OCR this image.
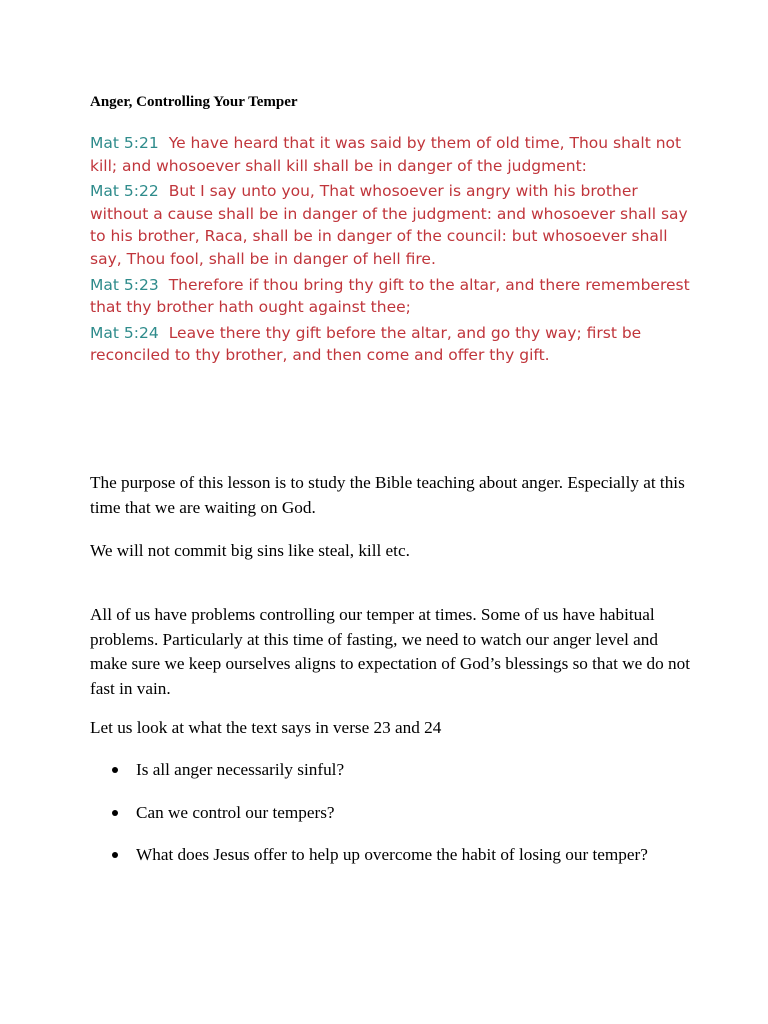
Anger, Controlling Your Temper

Mat 5:21 Ye have heard that it was said by them of old time, Thou shalt not kill; and whosoever shall kill shall be in danger of the judgment:

Mat 5:22 But I say unto you, That whosoever is angry with his brother without a cause shall be in danger of the judgment: and whosoever shall say to his brother, Raca, shall be in danger of the council: but whosoever shall say, Thou fool, shall be in danger of hell fire.

Mat 5:23 Therefore if thou bring thy gift to the altar, and there rememberest that thy brother hath ought against thee;

Mat 5:24 Leave there thy gift before the altar, and go thy way; first be reconciled to thy brother, and then come and offer thy gift.

The purpose of this lesson is to study the Bible teaching about anger. Especially at this time that we are waiting on God.

We will not commit big sins like steal, kill etc.

All of us have problems controlling our temper at times. Some of us have habitual problems. Particularly at this time of fasting, we need to watch our anger level and make sure we keep ourselves aligns to expectation of God’s blessings so that we do not fast in vain.

Let us look at what the text says in verse 23 and 24

Is all anger necessarily sinful?
Can we control our tempers?
What does Jesus offer to help up overcome the habit of losing our temper?
